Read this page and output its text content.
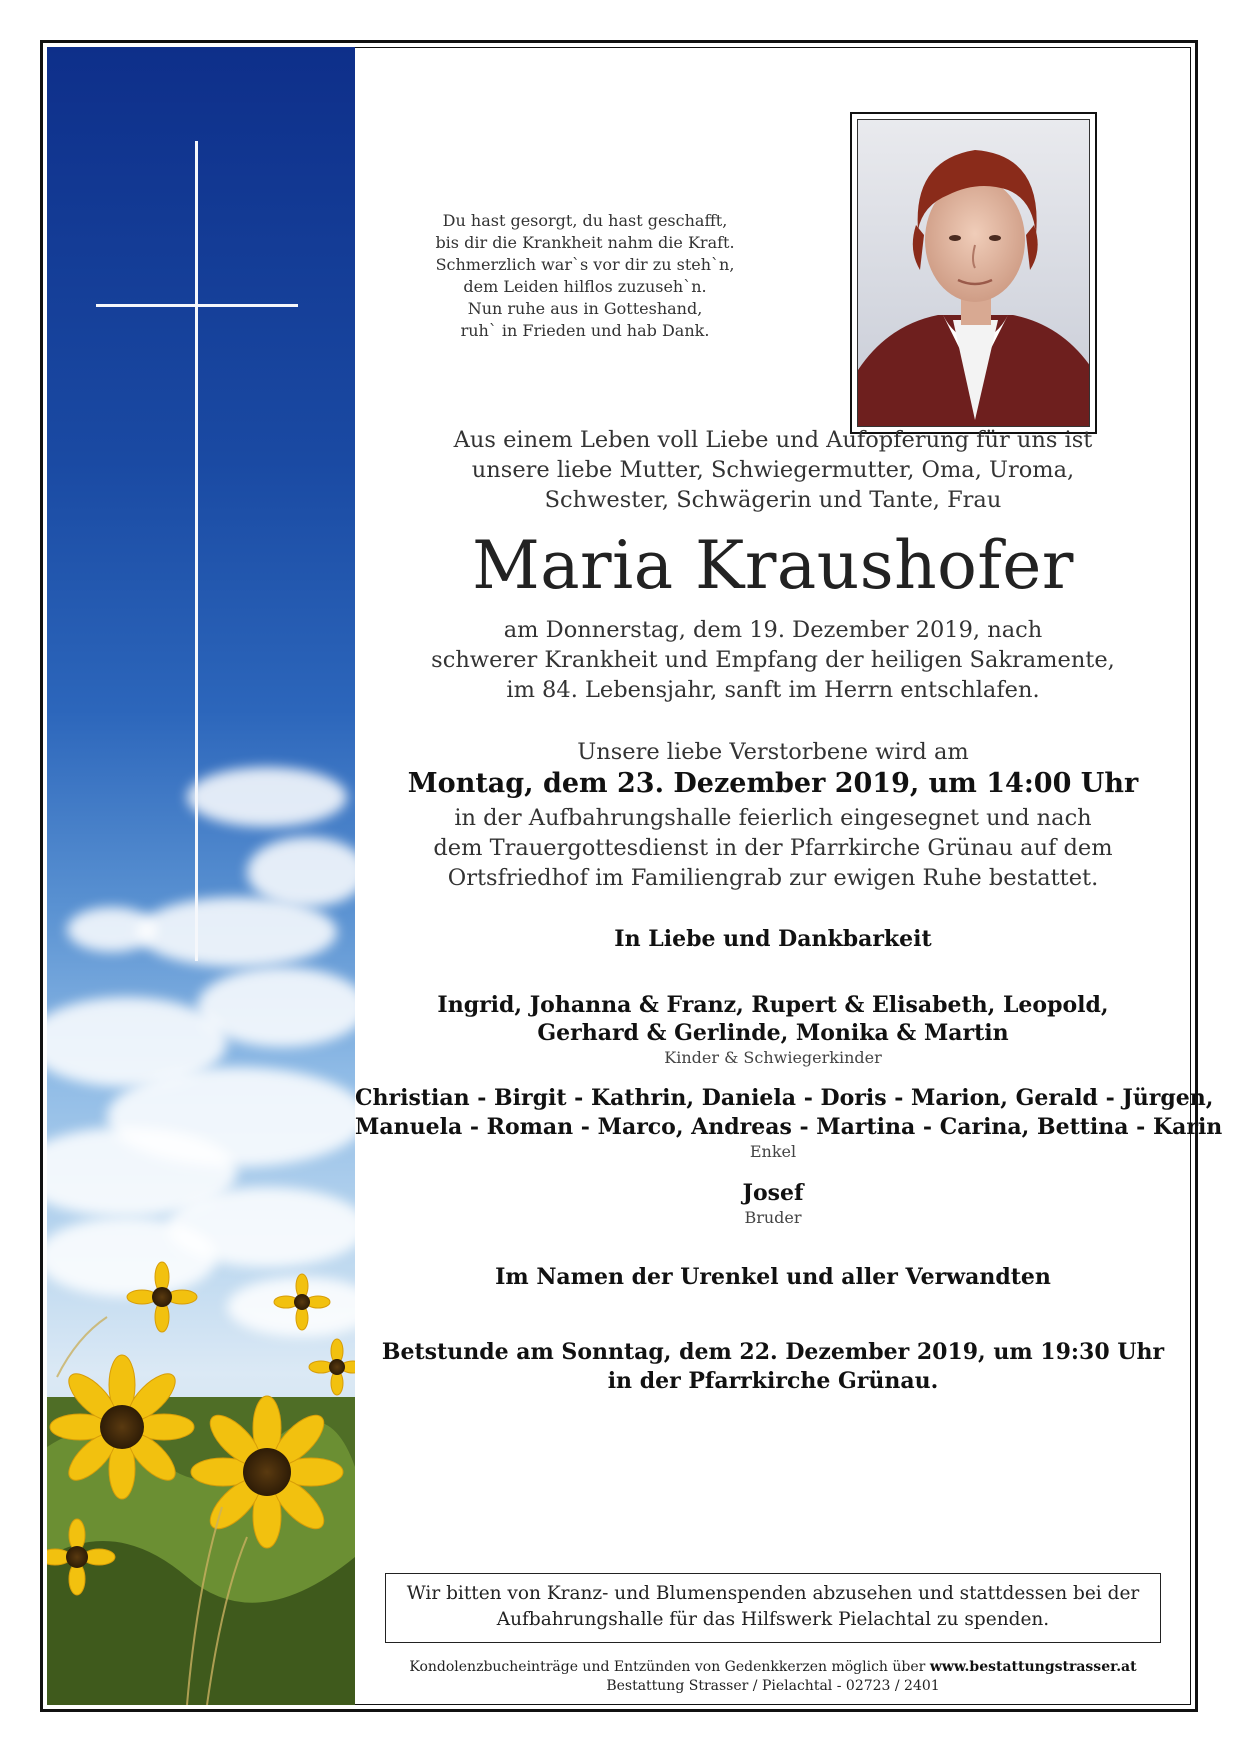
Du hast gesorgt, du hast geschafft,
bis dir die Krankheit nahm die Kraft.
Schmerzlich war`s vor dir zu steh`n,
dem Leiden hilflos zuzuseh`n.
Nun ruhe aus in Gotteshand,
ruh` in Frieden und hab Dank.
Aus einem Leben voll Liebe und Aufopferung für uns ist
unsere liebe Mutter, Schwiegermutter, Oma, Uroma,
Schwester, Schwägerin und Tante, Frau
Maria Kraushofer
am Donnerstag, dem 19. Dezember 2019, nach
schwerer Krankheit und Empfang der heiligen Sakramente,
im 84. Lebensjahr, sanft im Herrn entschlafen.
Unsere liebe Verstorbene wird am
Montag, dem 23. Dezember 2019, um 14:00 Uhr
in der Aufbahrungshalle feierlich eingesegnet und nach
dem Trauergottesdienst in der Pfarrkirche Grünau auf dem
Ortsfriedhof im Familiengrab zur ewigen Ruhe bestattet.
In Liebe und Dankbarkeit
Ingrid, Johanna & Franz, Rupert & Elisabeth, Leopold,
Gerhard & Gerlinde, Monika & Martin
Kinder & Schwiegerkinder
Christian - Birgit - Kathrin, Daniela - Doris - Marion, Gerald - Jürgen,
Manuela - Roman - Marco, Andreas - Martina - Carina, Bettina - Karin
Enkel
Josef
Bruder
Im Namen der Urenkel und aller Verwandten
Betstunde am Sonntag, dem 22. Dezember 2019, um 19:30 Uhr
in der Pfarrkirche Grünau.
Wir bitten von Kranz- und Blumenspenden abzusehen und stattdessen bei der
Aufbahrungshalle für das Hilfswerk Pielachtal zu spenden.
Kondolenzbucheinträge und Entzünden von Gedenkkerzen möglich über www.bestattungstrasser.at
Bestattung Strasser / Pielachtal - 02723 / 2401
